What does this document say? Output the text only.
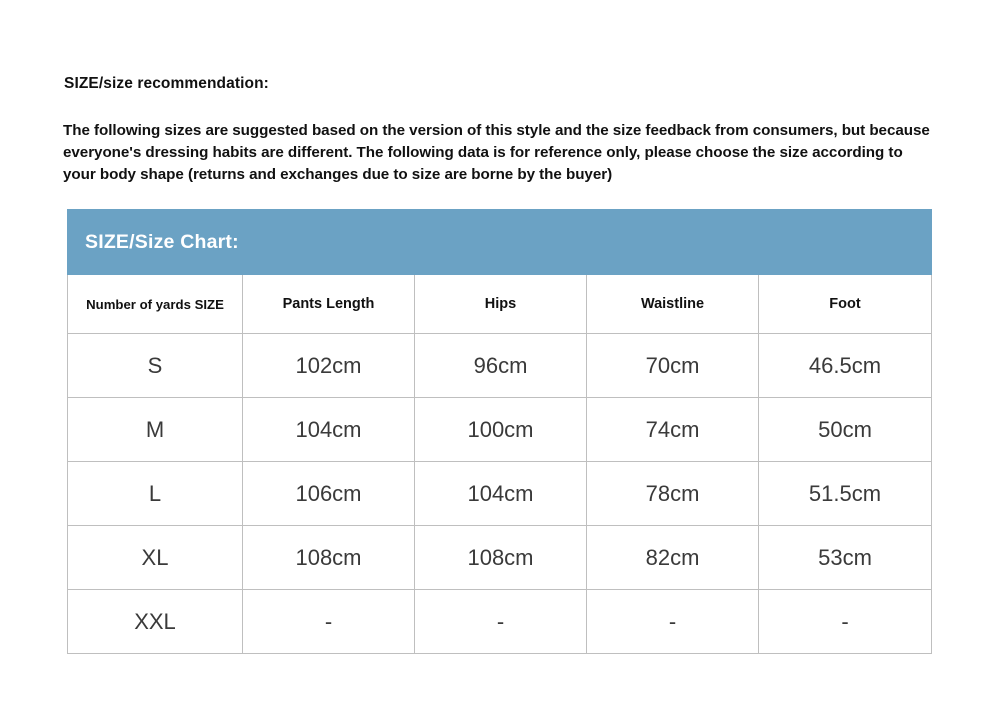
SIZE/size recommendation:
The following sizes are suggested based on the version of this style and the size feedback from consumers, but because everyone's dressing habits are different. The following data is for reference only, please choose the size according to your body shape (returns and exchanges due to size are borne by the buyer)
SIZE/Size Chart:				
Number of yards SIZE	Pants Length	Hips	Waistline	Foot
S	102cm	96cm	70cm	46.5cm
M	104cm	100cm	74cm	50cm
L	106cm	104cm	78cm	51.5cm
XL	108cm	108cm	82cm	53cm
XXL	-	-	-	-
